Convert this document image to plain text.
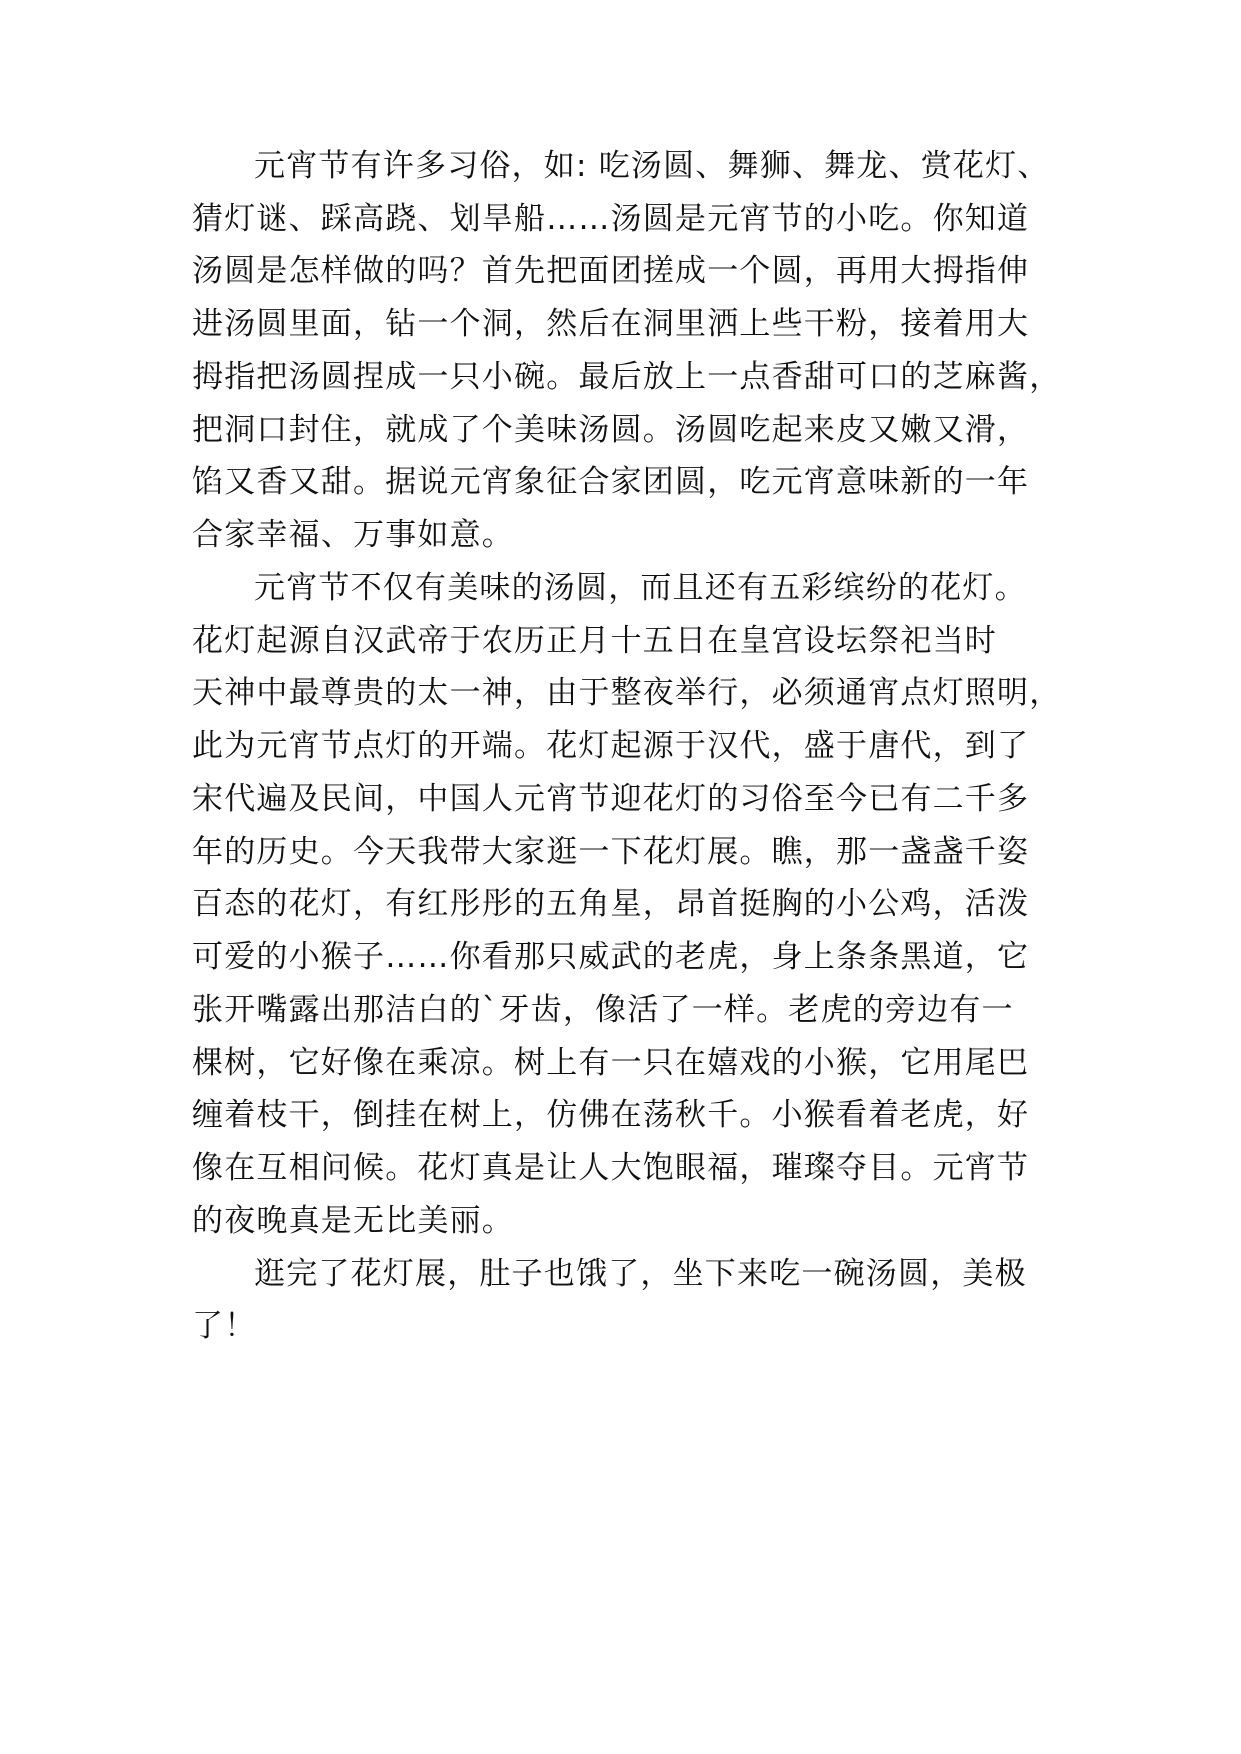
元宵节有许多习俗，如: 吃汤圆、舞狮、舞龙、赏花灯、
猜灯谜、踩高跷、划旱船……汤圆是元宵节的小吃。你知道
汤圆是怎样做的吗？首先把面团搓成一个圆，再用大拇指伸
进汤圆里面，钻一个洞，然后在洞里洒上些干粉，接着用大
拇指把汤圆捏成一只小碗。最后放上一点香甜可口的芝麻酱，
把洞口封住，就成了个美味汤圆。汤圆吃起来皮又嫩又滑，
馅又香又甜。据说元宵象征合家团圆，吃元宵意味新的一年
合家幸福、万事如意。
元宵节不仅有美味的汤圆，而且还有五彩缤纷的花灯。
花灯起源自汉武帝于农历正月十五日在皇宫设坛祭祀当时
天神中最尊贵的太一神，由于整夜举行，必须通宵点灯照明，
此为元宵节点灯的开端。花灯起源于汉代，盛于唐代，到了
宋代遍及民间，中国人元宵节迎花灯的习俗至今已有二千多
年的历史。今天我带大家逛一下花灯展。瞧，那一盏盏千姿
百态的花灯，有红彤彤的五角星，昂首挺胸的小公鸡，活泼
可爱的小猴子……你看那只威武的老虎，身上条条黑道，它
张开嘴露出那洁白的`牙齿，像活了一样。老虎的旁边有一
棵树，它好像在乘凉。树上有一只在嬉戏的小猴，它用尾巴
缠着枝干，倒挂在树上，仿佛在荡秋千。小猴看着老虎，好
像在互相问候。花灯真是让人大饱眼福，璀璨夺目。元宵节
的夜晚真是无比美丽。
逛完了花灯展，肚子也饿了，坐下来吃一碗汤圆，美极
了！
